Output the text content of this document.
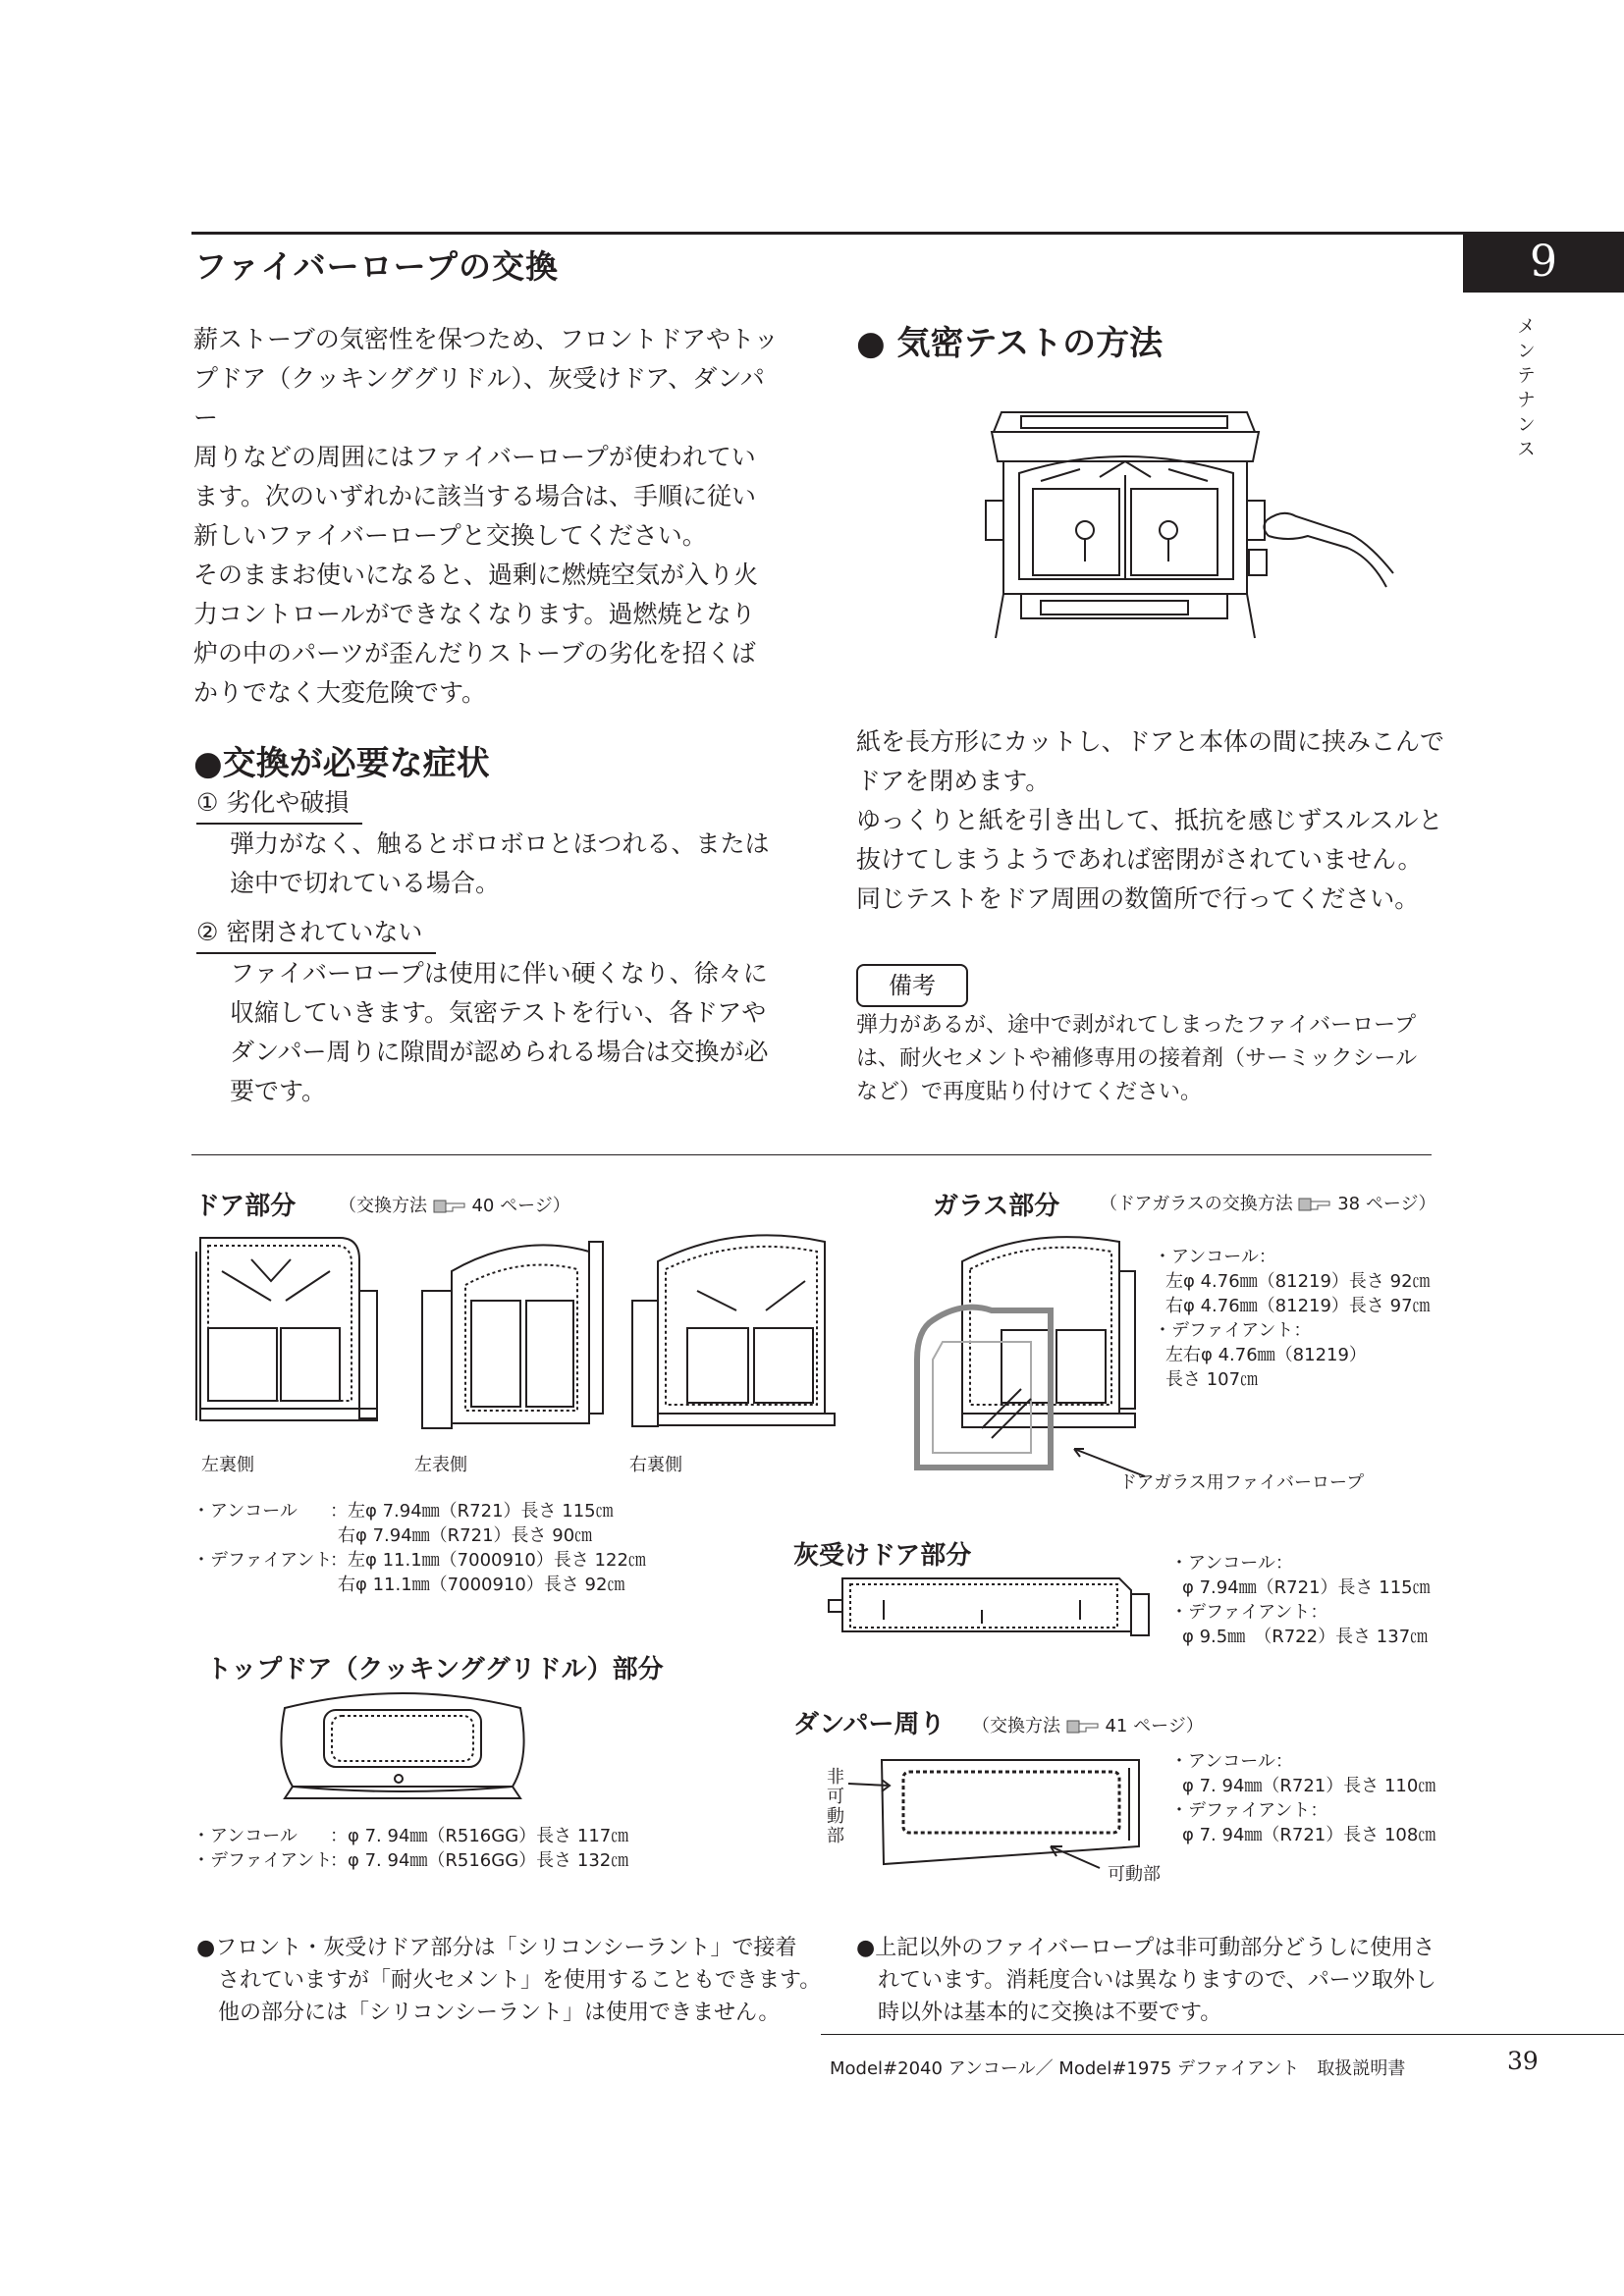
ファイバーロープの交換	9
メンテナンス
薪ストーブの気密性を保つため、フロントドアやトッ
プドア（クッキンググリドル）、灰受けドア、ダンパー
周りなどの周囲にはファイバーロープが使われてい
ます。次のいずれかに該当する場合は、手順に従い
新しいファイバーロープと交換してください。
そのままお使いになると、過剰に燃焼空気が入り火
力コントロールができなくなります。過燃焼となり
炉の中のパーツが歪んだりストーブの劣化を招くば
かりでなく大変危険です。
● 気密テストの方法
●交換が必要な症状
① 劣化や破損
弾力がなく、触るとボロボロとほつれる、または
途中で切れている場合。
② 密閉されていない
ファイバーロープは使用に伴い硬くなり、徐々に
収縮していきます。気密テストを行い、各ドアや
ダンパー周りに隙間が認められる場合は交換が必
要です。
紙を長方形にカットし、ドアと本体の間に挟みこんで
ドアを閉めます。
ゆっくりと紙を引き出して、抵抗を感じずスルスルと
抜けてしまうようであれば密閉がされていません。
同じテストをドア周囲の数箇所で行ってください。
備考
弾力があるが、途中で剥がれてしまったファイバーロープ
は、耐火セメントや補修専用の接着剤（サーミックシール
など）で再度貼り付けてください。
ドア部分 （交換方法	40 ページ）
左裏側	左表側	右裏側
・アンコール	： 左φ 7.94㎜（R721）長さ 115㎝
右φ 7.94㎜（R721）長さ 90㎝
・デファイアント
： 左φ 11.1㎜（7000910）長さ 122㎝
右φ 11.1㎜（7000910）長さ 92㎝
トップドア（クッキンググリドル）部分
・アンコール	： φ 7. 94㎜（R516GG）長さ 117㎝
・デファイアント
： φ 7. 94㎜（R516GG）長さ 132㎝
ガラス部分 （ドアガラスの交換方法	38 ページ）
ドアガラス用ファイバーロープ
・アンコール：
左φ 4.76㎜（81219）長さ 92㎝
右φ 4.76㎜（81219）長さ 97㎝
・デファイアント：
左右φ 4.76㎜（81219）
長さ 107㎝
灰受けドア部分	・アンコール：
φ 7.94㎜（R721）長さ 115㎝
・デファイアント：
φ 9.5㎜　（R722）長さ 137㎝
ダンパー周り （交換方法	41 ページ）
非可動部
可動部
・アンコール：
φ 7. 94㎜（R721）長さ 110㎝
・デファイアント：
φ 7. 94㎜（R721）長さ 108㎝
●フロント・灰受けドア部分は「シリコンシーラント」で接着
されていますが「耐火セメント」を使用することもできます。
他の部分には「シリコンシーラント」は使用できません。
●上記以外のファイバーロープは非可動部分どうしに使用さ
れています。消耗度合いは異なりますので、パーツ取外し
時以外は基本的に交換は不要です。
Model#2040 アンコール／ Model#1975 デファイアント　取扱説明書	39
